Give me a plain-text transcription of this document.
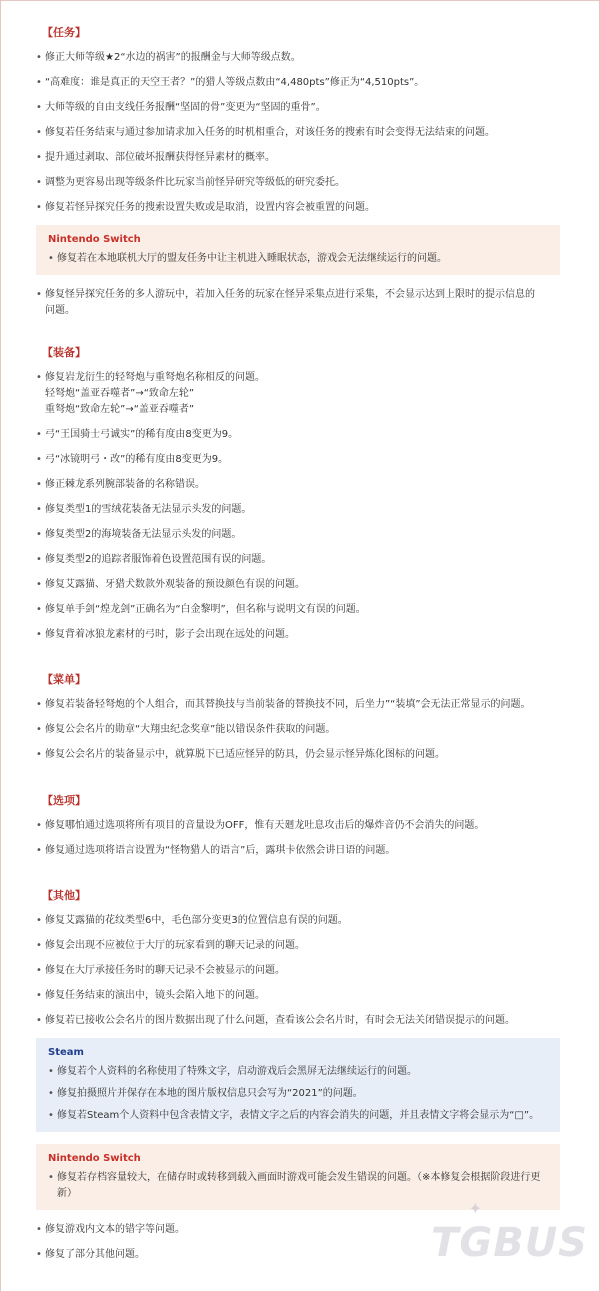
【任务】
• 修正大师等级★2“水边的祸害”的报酬金与大师等级点数。
• “高难度：谁是真正的天空王者？”的猎人等级点数由“4,480pts”修正为“4,510pts”。
• 大师等级的自由支线任务报酬“坚固的骨”变更为“坚固的重骨”。
• 修复若任务结束与通过参加请求加入任务的时机相重合，对该任务的搜索有时会变得无法结束的问题。
• 提升通过剥取、部位破坏报酬获得怪异素材的概率。
• 调整为更容易出现等级条件比玩家当前怪异研究等级低的研究委托。
• 修复若怪异探究任务的搜索设置失败或是取消，设置内容会被重置的问题。
Nintendo Switch
• 修复若在本地联机大厅的盟友任务中让主机进入睡眠状态，游戏会无法继续运行的问题。
• 修复怪异探究任务的多人游玩中，若加入任务的玩家在怪异采集点进行采集，不会显示达到上限时的提示信息的
问题。
【装备】
• 修复岩龙衍生的轻弩炮与重弩炮名称相反的问题。
轻弩炮“盖亚吞噬者”→“致命左轮”
重弩炮“致命左轮”→“盖亚吞噬者”
• 弓“王国骑士弓诚实”的稀有度由8变更为9。
• 弓“冰镜明弓・改”的稀有度由8变更为9。
• 修正棘龙系列腕部装备的名称错误。
• 修复类型1的雪绒花装备无法显示头发的问题。
• 修复类型2的海境装备无法显示头发的问题。
• 修复类型2的追踪者服饰着色设置范围有误的问题。
• 修复艾露猫、牙猎犬数款外观装备的预设颜色有误的问题。
• 修复单手剑“煌龙剑”正确名为“白金黎明”，但名称与说明文有误的问题。
• 修复背着冰狼龙素材的弓时，影子会出现在远处的问题。
【菜单】
• 修复若装备轻弩炮的个人组合，而其替换技与当前装备的替换技不同，后坐力”“装填”会无法正常显示的问题。
• 修复公会名片的勋章“大翔虫纪念奖章”能以错误条件获取的问题。
• 修复公会名片的装备显示中，就算脱下已适应怪异的防具，仍会显示怪异炼化图标的问题。
【选项】
• 修复哪怕通过选项将所有项目的音量设为OFF，惟有天廻龙吐息攻击后的爆炸音仍不会消失的问题。
• 修复通过选项将语言设置为“怪物猎人的语言”后，露琪卡依然会讲日语的问题。
【其他】
• 修复艾露猫的花纹类型6中，毛色部分变更3的位置信息有误的问题。
• 修复会出现不应被位于大厅的玩家看到的聊天记录的问题。
• 修复在大厅承接任务时的聊天记录不会被显示的问题。
• 修复任务结束的演出中，镜头会陷入地下的问题。
• 修复若已接收公会名片的图片数据出现了什么问题，查看该公会名片时，有时会无法关闭错误提示的问题。
Steam
• 修复若个人资料的名称使用了特殊文字，启动游戏后会黑屏无法继续运行的问题。
• 修复拍摄照片并保存在本地的图片版权信息只会写为“2021”的问题。
• 修复若Steam个人资料中包含表情文字，表情文字之后的内容会消失的问题，并且表情文字将会显示为“□”。
Nintendo Switch
• 修复若存档容量较大，在储存时或转移到载入画面时游戏可能会发生错误的问题。（※本修复会根据阶段进行更
新）
• 修复游戏内文本的错字等问题。
• 修复了部分其他问题。
✦
TGBUS
